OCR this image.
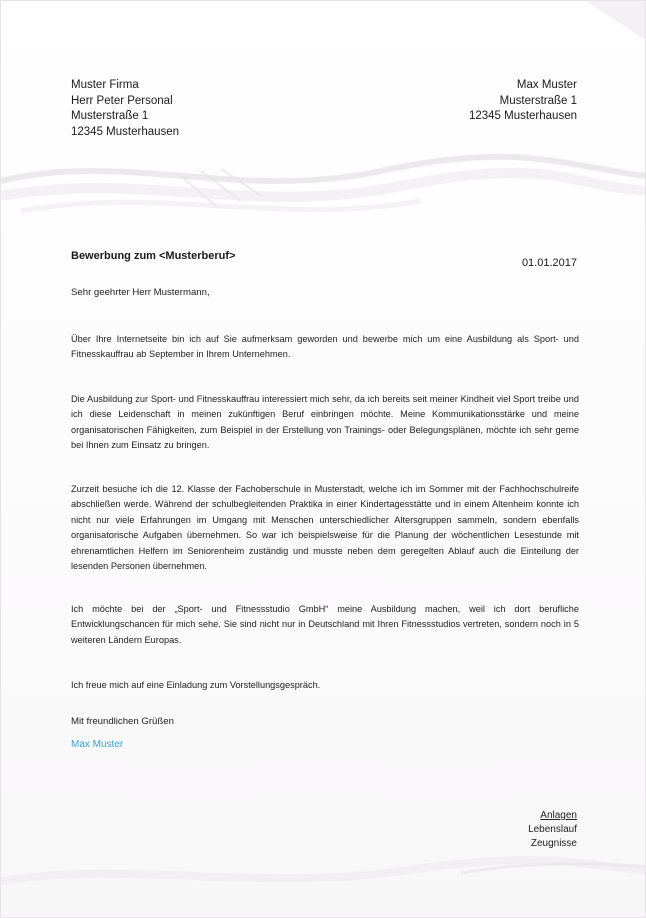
Muster Firma
Herr Peter Personal
Musterstraße 1
12345 Musterhausen
Max Muster
Musterstraße 1
12345 Musterhausen
Bewerbung zum <Musterberuf>
01.01.2017
Sehr geehrter Herr Mustermann,
Über Ihre Internetseite bin ich auf Sie aufmerksam geworden und bewerbe mich um eine Ausbildung als Sport- und Fitnesskauffrau ab September in Ihrem Unternehmen.
Die Ausbildung zur Sport- und Fitnesskauffrau interessiert mich sehr, da ich bereits seit meiner Kindheit viel Sport treibe und ich diese Leidenschaft in meinen zukünftigen Beruf einbringen möchte. Meine Kommunikationsstärke und meine organisatorischen Fähigkeiten, zum Beispiel in der Erstellung von Trainings- oder Belegungsplänen, möchte ich sehr gerne bei Ihnen zum Einsatz zu bringen.
Zurzeit besuche ich die 12. Klasse der Fachoberschule in Musterstadt, welche ich im Sommer mit der Fachhochschulreife abschließen werde. Während der schulbegleitenden Praktika in einer Kindertagesstätte und in einem Altenheim konnte ich nicht nur viele Erfahrungen im Umgang mit Menschen unterschiedlicher Altersgruppen sammeln, sondern ebenfalls organisatorische Aufgaben übernehmen. So war ich beispielsweise für die Planung der wöchentlichen Lesestunde mit ehrenamtlichen Helfern im Seniorenheim zuständig und musste neben dem geregelten Ablauf auch die Einteilung der lesenden Personen übernehmen.
Ich möchte bei der „Sport- und Fitnessstudio GmbH“ meine Ausbildung machen, weil ich dort berufliche Entwicklungschancen für mich sehe. Sie sind nicht nur in Deutschland mit Ihren Fitnessstudios vertreten, sondern noch in 5 weiteren Ländern Europas.
Ich freue mich auf eine Einladung zum Vorstellungsgespräch.
Mit freundlichen Grüßen
Max Muster
Anlagen
Lebenslauf
Zeugnisse
